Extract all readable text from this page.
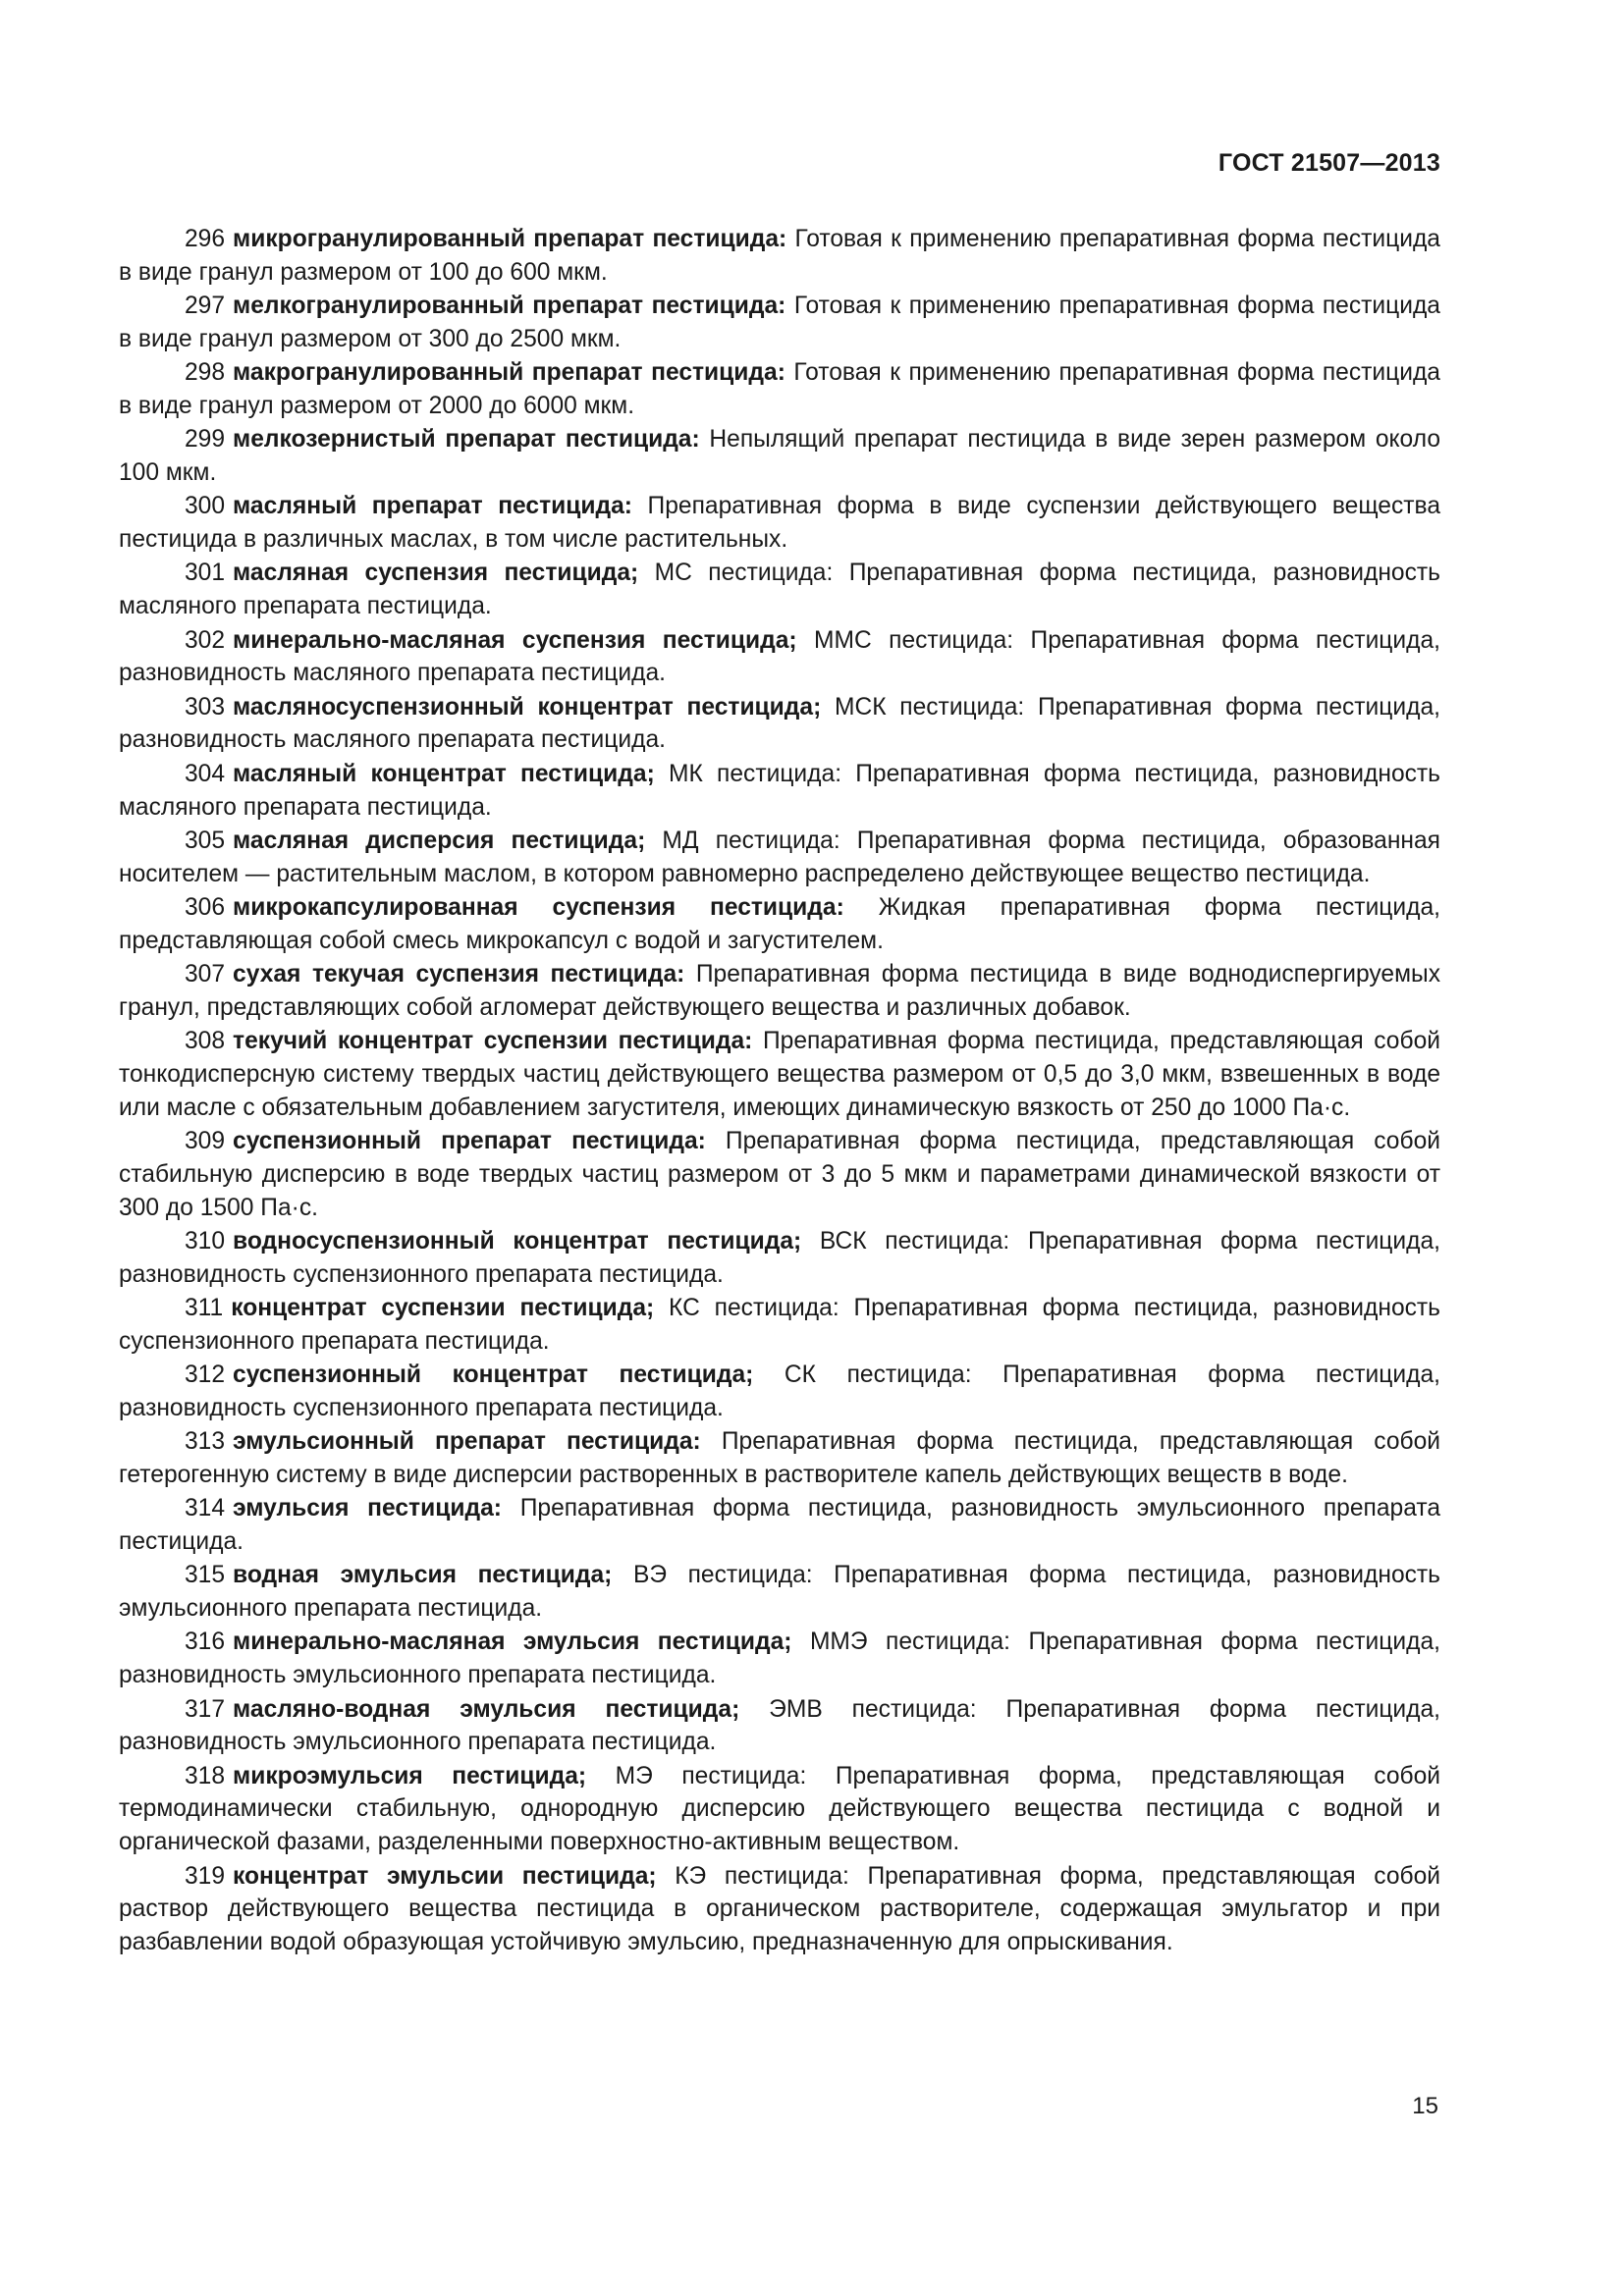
ГОСТ 21507—2013

296 микрогранулированный препарат пестицида: Готовая к применению препаративная форма пестицида в виде гранул размером от 100 до 600 мкм.

297 мелкогранулированный препарат пестицида: Готовая к применению препаративная форма пестицида в виде гранул размером от 300 до 2500 мкм.

298 макрогранулированный препарат пестицида: Готовая к применению препаративная форма пестицида в виде гранул размером от 2000 до 6000 мкм.

299 мелкозернистый препарат пестицида: Непылящий препарат пестицида в виде зерен размером около 100 мкм.

300 масляный препарат пестицида: Препаративная форма в виде суспензии действующего вещества пестицида в различных маслах, в том числе растительных.

301 масляная суспензия пестицида; МС пестицида: Препаративная форма пестицида, разновидность масляного препарата пестицида.

302 минерально-масляная суспензия пестицида; ММС пестицида: Препаративная форма пестицида, разновидность масляного препарата пестицида.

303 масляносуспензионный концентрат пестицида; МСК пестицида: Препаративная форма пестицида, разновидность масляного препарата пестицида.

304 масляный концентрат пестицида; МК пестицида: Препаративная форма пестицида, разновидность масляного препарата пестицида.

305 масляная дисперсия пестицида; МД пестицида: Препаративная форма пестицида, образованная носителем — растительным маслом, в котором равномерно распределено действующее вещество пестицида.

306 микрокапсулированная суспензия пестицида: Жидкая препаративная форма пестицида, представляющая собой смесь микрокапсул с водой и загустителем.

307 сухая текучая суспензия пестицида: Препаративная форма пестицида в виде воднодиспергируемых гранул, представляющих собой агломерат действующего вещества и различных добавок.

308 текучий концентрат суспензии пестицида: Препаративная форма пестицида, представляющая собой тонкодисперсную систему твердых частиц действующего вещества размером от 0,5 до 3,0 мкм, взвешенных в воде или масле с обязательным добавлением загустителя, имеющих динамическую вязкость от 250 до 1000 Па·с.

309 суспензионный препарат пестицида: Препаративная форма пестицида, представляющая собой стабильную дисперсию в воде твердых частиц размером от 3 до 5 мкм и параметрами динамической вязкости от 300 до 1500 Па·с.

310 водносуспензионный концентрат пестицида; ВСК пестицида: Препаративная форма пестицида, разновидность суспензионного препарата пестицида.

311 концентрат суспензии пестицида; КС пестицида: Препаративная форма пестицида, разновидность суспензионного препарата пестицида.

312 суспензионный концентрат пестицида; СК пестицида: Препаративная форма пестицида, разновидность суспензионного препарата пестицида.

313 эмульсионный препарат пестицида: Препаративная форма пестицида, представляющая собой гетерогенную систему в виде дисперсии растворенных в растворителе капель действующих веществ в воде.

314 эмульсия пестицида: Препаративная форма пестицида, разновидность эмульсионного препарата пестицида.

315 водная эмульсия пестицида; ВЭ пестицида: Препаративная форма пестицида, разновидность эмульсионного препарата пестицида.

316 минерально-масляная эмульсия пестицида; ММЭ пестицида: Препаративная форма пестицида, разновидность эмульсионного препарата пестицида.

317 масляно-водная эмульсия пестицида; ЭМВ пестицида: Препаративная форма пестицида, разновидность эмульсионного препарата пестицида.

318 микроэмульсия пестицида; МЭ пестицида: Препаративная форма, представляющая собой термодинамически стабильную, однородную дисперсию действующего вещества пестицида с водной и органической фазами, разделенными поверхностно-активным веществом.

319 концентрат эмульсии пестицида; КЭ пестицида: Препаративная форма, представляющая собой раствор действующего вещества пестицида в органическом растворителе, содержащая эмульгатор и при разбавлении водой образующая устойчивую эмульсию, предназначенную для опрыскивания.

15
